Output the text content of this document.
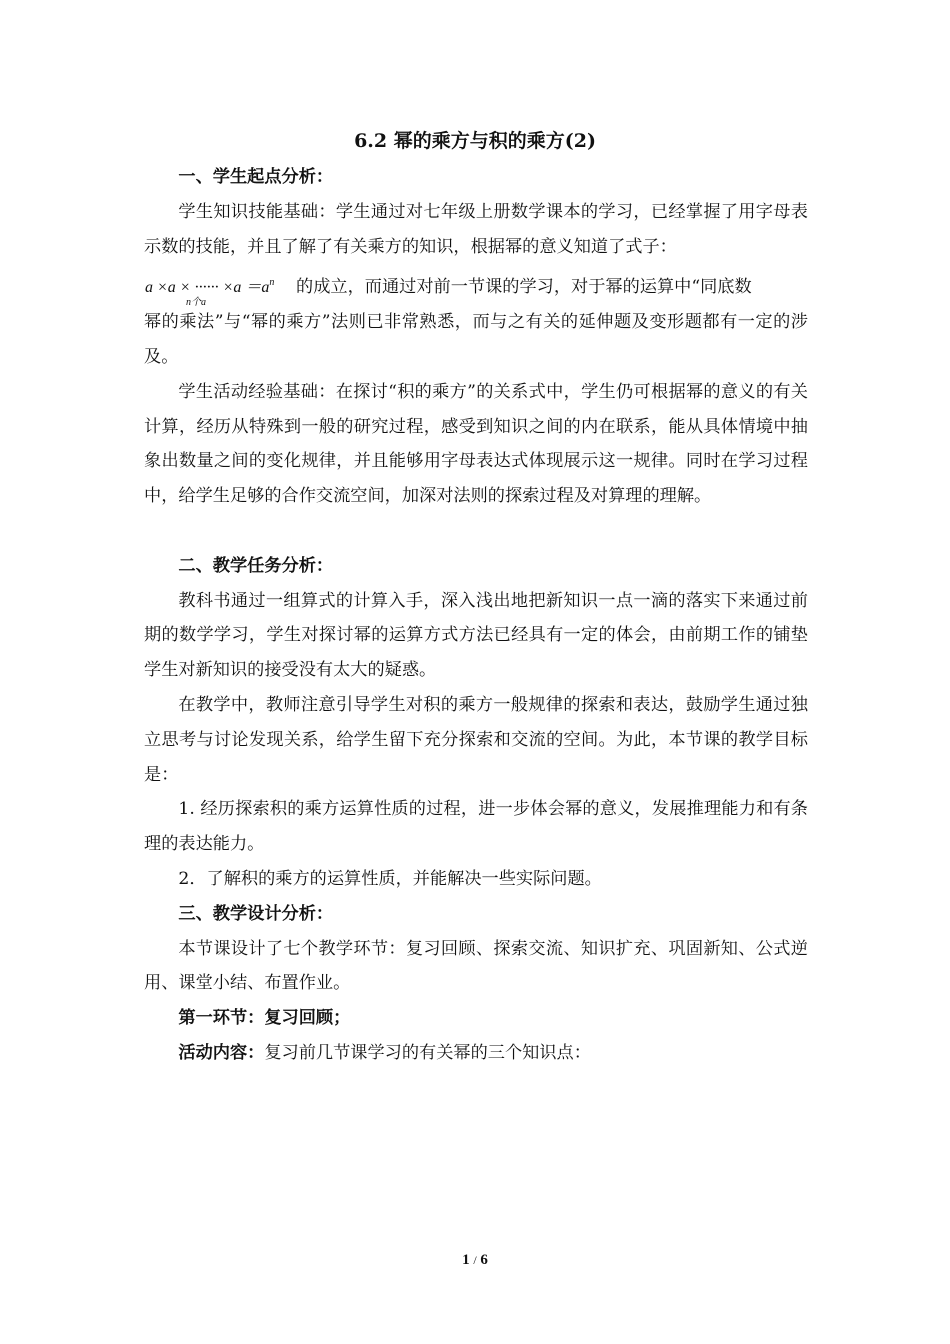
6.2 幂的乘方与积的乘方(2)

一、学生起点分析：

学生知识技能基础：学生通过对七年级上册数学课本的学习，已经掌握了用字母表示数的技能，并且了解了有关乘方的知识，根据幂的意义知道了式子：

a ×a × ······ $\times a =a^n$
n个a
的成立，而通过对前一节课的学习，对于幂的运算中“同底数

幂的乘法”与“幂的乘方”法则已非常熟悉，而与之有关的延伸题及变形题都有一定的涉及。

学生活动经验基础：在探讨“积的乘方”的关系式中，学生仍可根据幂的意义的有关计算，经历从特殊到一般的研究过程，感受到知识之间的内在联系，能从具体情境中抽象出数量之间的变化规律，并且能够用字母表达式体现展示这一规律。同时在学习过程中，给学生足够的合作交流空间，加深对法则的探索过程及对算理的理解。

二、教学任务分析：

教科书通过一组算式的计算入手，深入浅出地把新知识一点一滴的落实下来通过前期的数学学习，学生对探讨幂的运算方式方法已经具有一定的体会，由前期工作的铺垫学生对新知识的接受没有太大的疑惑。

在教学中，教师注意引导学生对积的乘方一般规律的探索和表达，鼓励学生通过独立思考与讨论发现关系，给学生留下充分探索和交流的空间。为此，本节课的教学目标是：

1. 经历探索积的乘方运算性质的过程，进一步体会幂的意义，发展推理能力和有条理的表达能力。

2．了解积的乘方的运算性质，并能解决一些实际问题。

三、教学设计分析：

本节课设计了七个教学环节：复习回顾、探索交流、知识扩充、巩固新知、公式逆用、课堂小结、布置作业。

第一环节：复习回顾；

活动内容：复习前几节课学习的有关幂的三个知识点：

1 / 6
